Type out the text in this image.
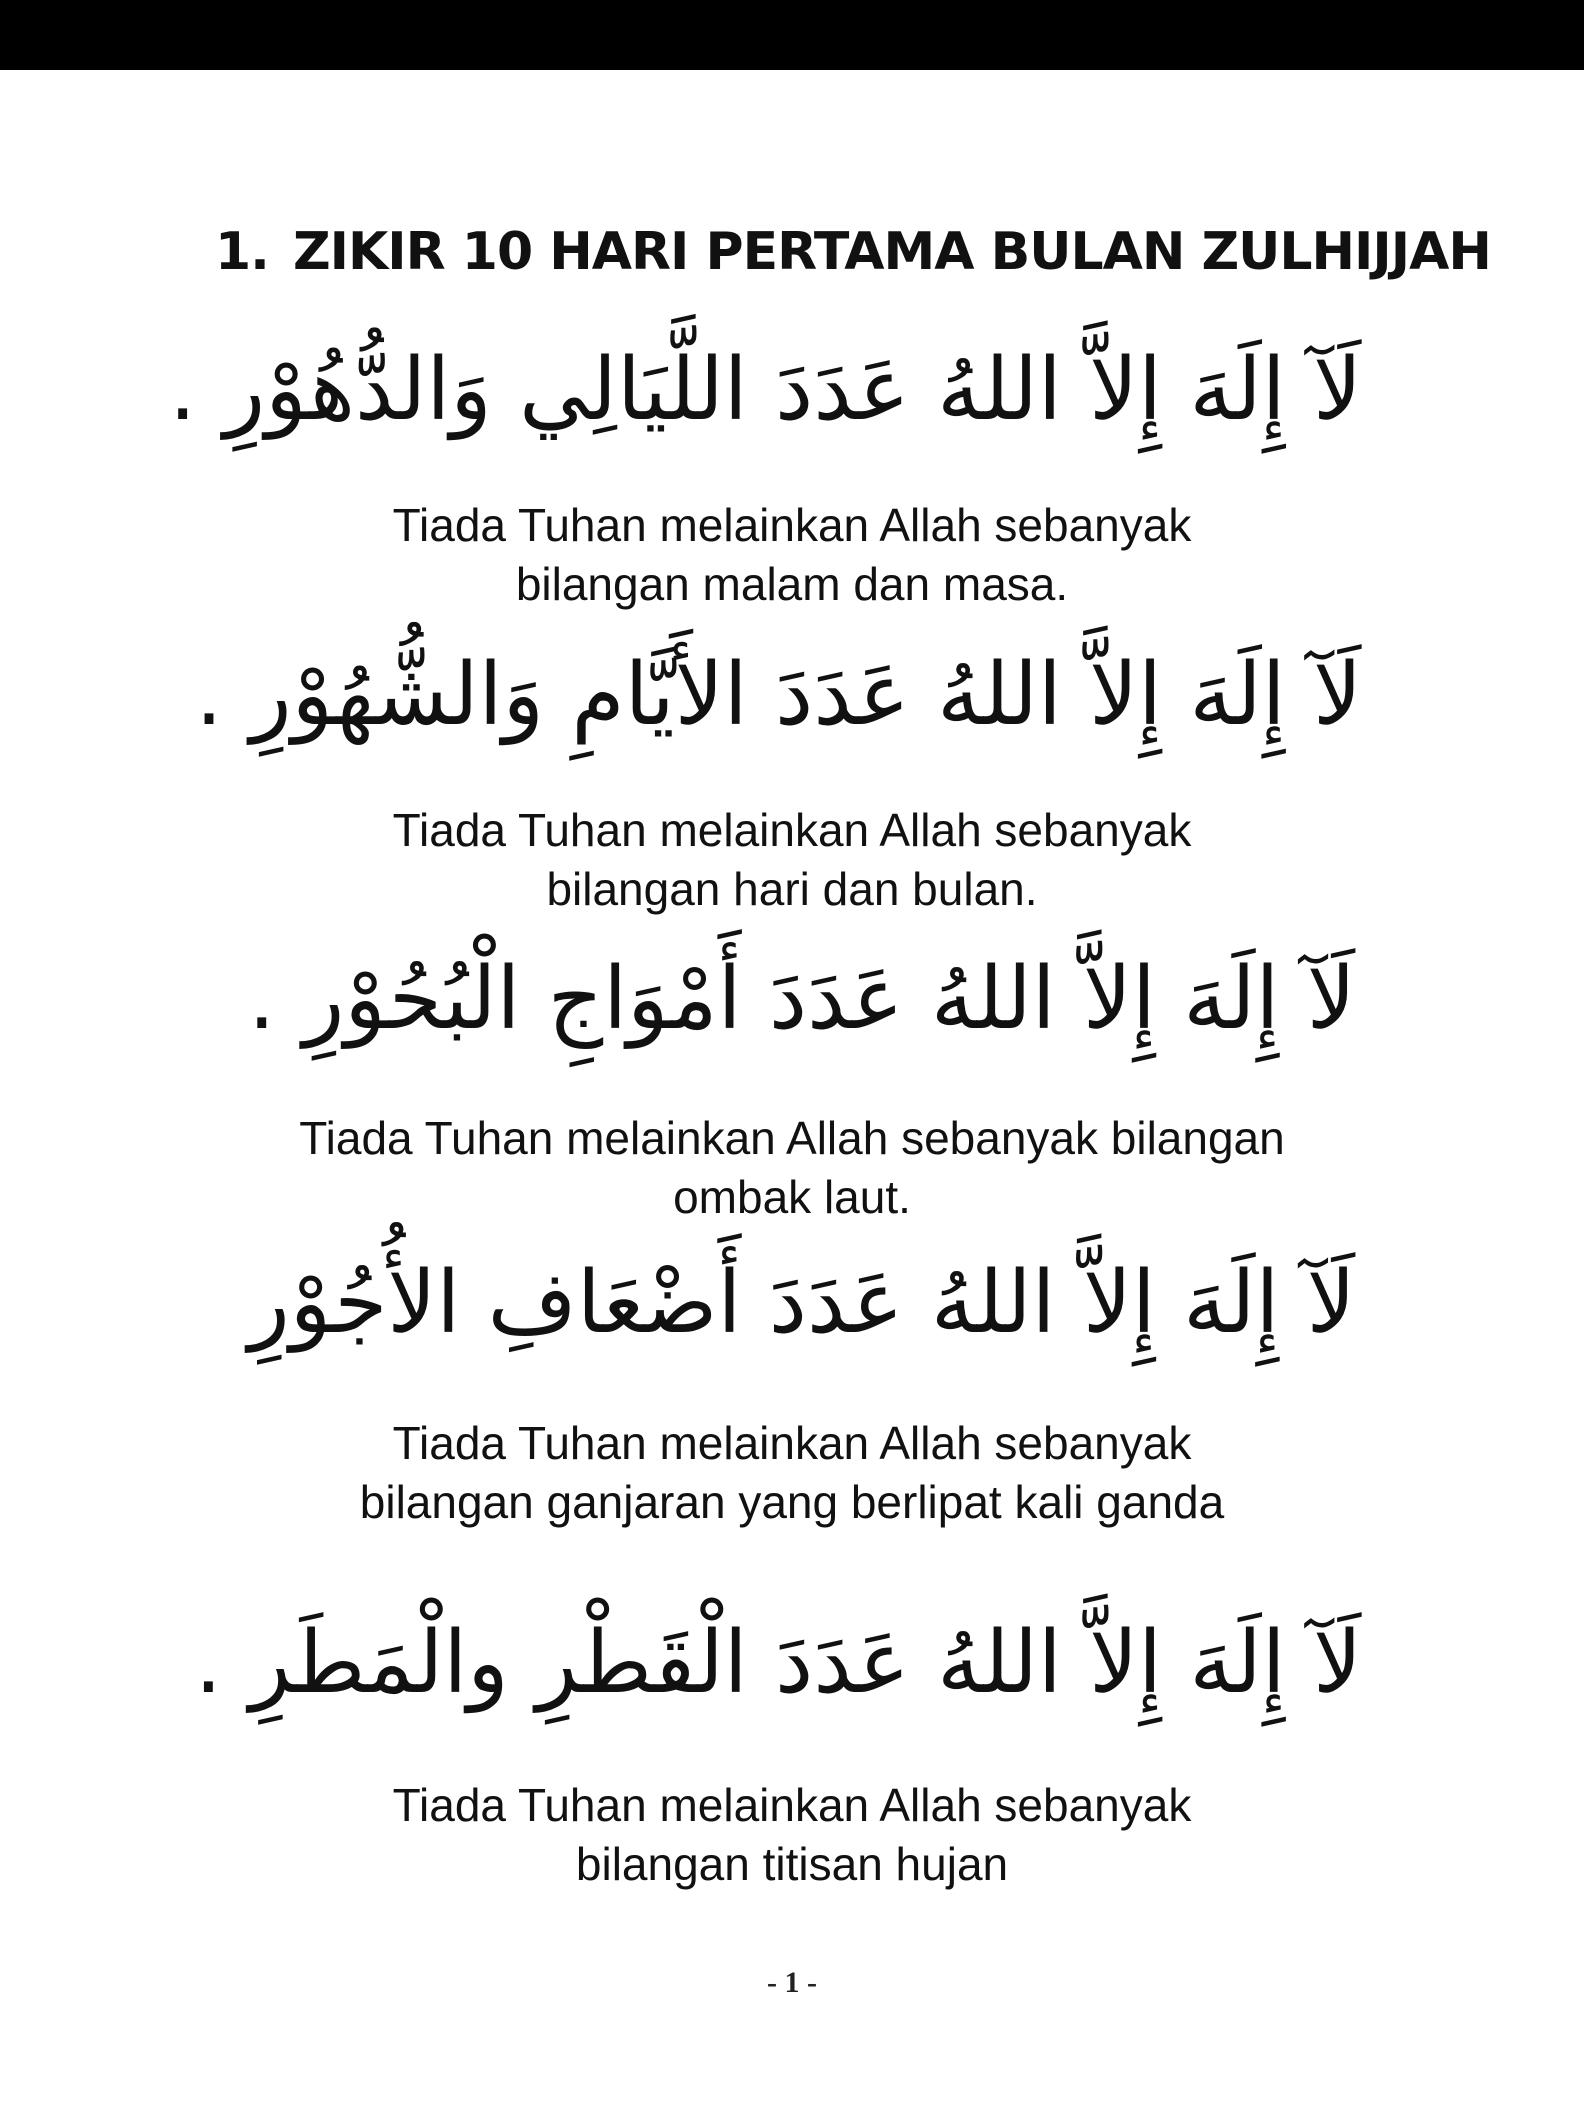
1. ZIKIR 10 HARI PERTAMA BULAN ZULHIJJAH
لَآ إِلَهَ إِلاَّ اللهُ عَدَدَ اللَّيَالِي وَالدُّهُوْرِ .
Tiada Tuhan melainkan Allah sebanyak
bilangan malam dan masa.
لَآ إِلَهَ إِلاَّ اللهُ عَدَدَ الأَيَّامِ وَالشُّهُوْرِ .
Tiada Tuhan melainkan Allah sebanyak
bilangan hari dan bulan.
لَآ إِلَهَ إِلاَّ اللهُ عَدَدَ أَمْوَاجِ الْبُحُوْرِ .
Tiada Tuhan melainkan Allah sebanyak bilangan
ombak laut.
لَآ إِلَهَ إِلاَّ اللهُ عَدَدَ أَضْعَافِ الأُجُوْرِ
Tiada Tuhan melainkan Allah sebanyak
bilangan ganjaran yang berlipat kali ganda
لَآ إِلَهَ إِلاَّ اللهُ عَدَدَ الْقَطْرِ والْمَطَرِ .
Tiada Tuhan melainkan Allah sebanyak
bilangan titisan hujan
- 1 -
